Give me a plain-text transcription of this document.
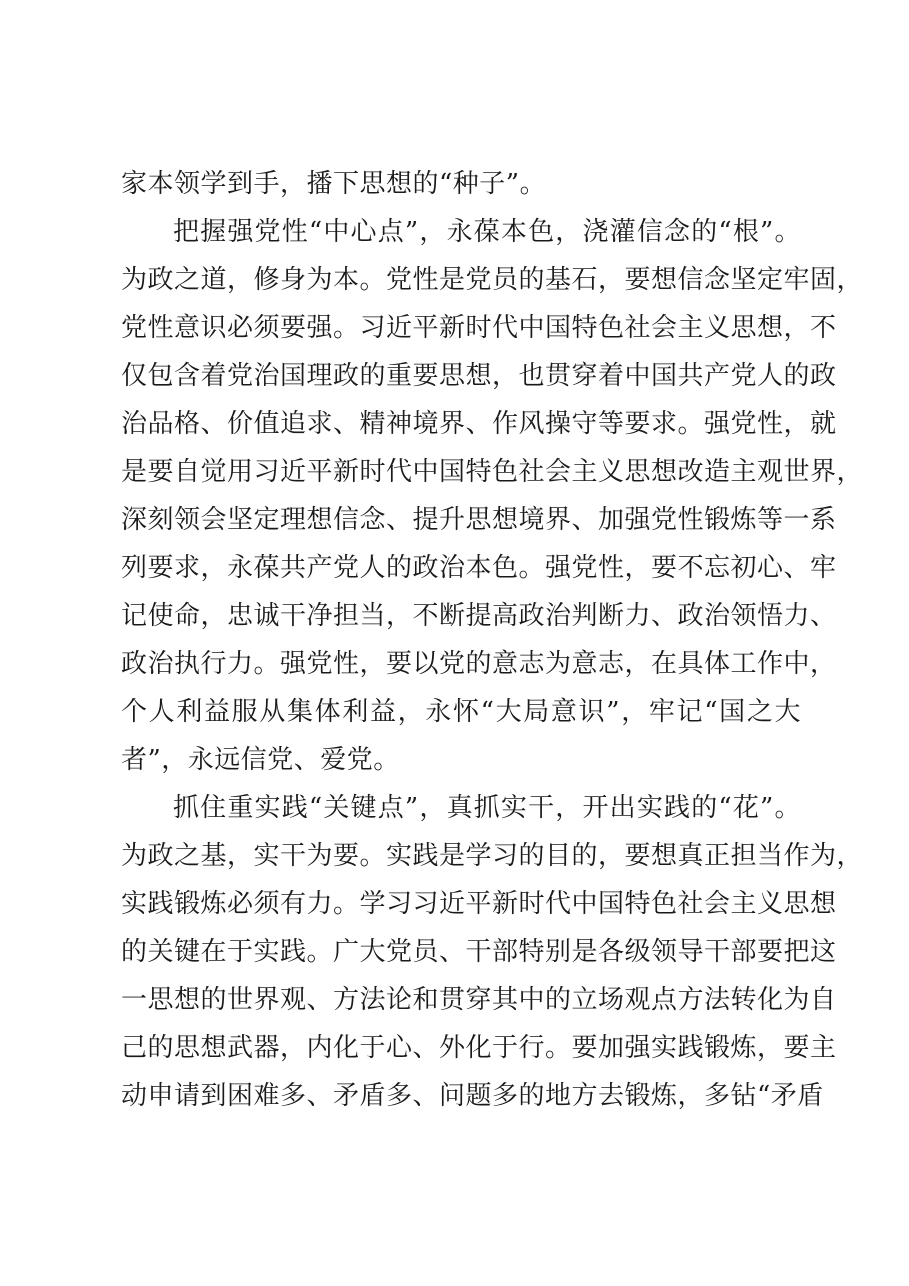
家本领学到手，播下思想的“种子”。
把握强党性“中心点”，永葆本色，浇灌信念的“根”。
为政之道，修身为本。党性是党员的基石，要想信念坚定牢固，
党性意识必须要强。习近平新时代中国特色社会主义思想，不
仅包含着党治国理政的重要思想，也贯穿着中国共产党人的政
治品格、价值追求、精神境界、作风操守等要求。强党性，就
是要自觉用习近平新时代中国特色社会主义思想改造主观世界，
深刻领会坚定理想信念、提升思想境界、加强党性锻炼等一系
列要求，永葆共产党人的政治本色。强党性，要不忘初心、牢
记使命，忠诚干净担当，不断提高政治判断力、政治领悟力、
政治执行力。强党性，要以党的意志为意志，在具体工作中，
个人利益服从集体利益，永怀“大局意识”，牢记“国之大
者”，永远信党、爱党。
抓住重实践“关键点”，真抓实干，开出实践的“花”。
为政之基，实干为要。实践是学习的目的，要想真正担当作为，
实践锻炼必须有力。学习习近平新时代中国特色社会主义思想
的关键在于实践。广大党员、干部特别是各级领导干部要把这
一思想的世界观、方法论和贯穿其中的立场观点方法转化为自
己的思想武器，内化于心、外化于行。要加强实践锻炼，要主
动申请到困难多、矛盾多、问题多的地方去锻炼，多钻“矛盾
